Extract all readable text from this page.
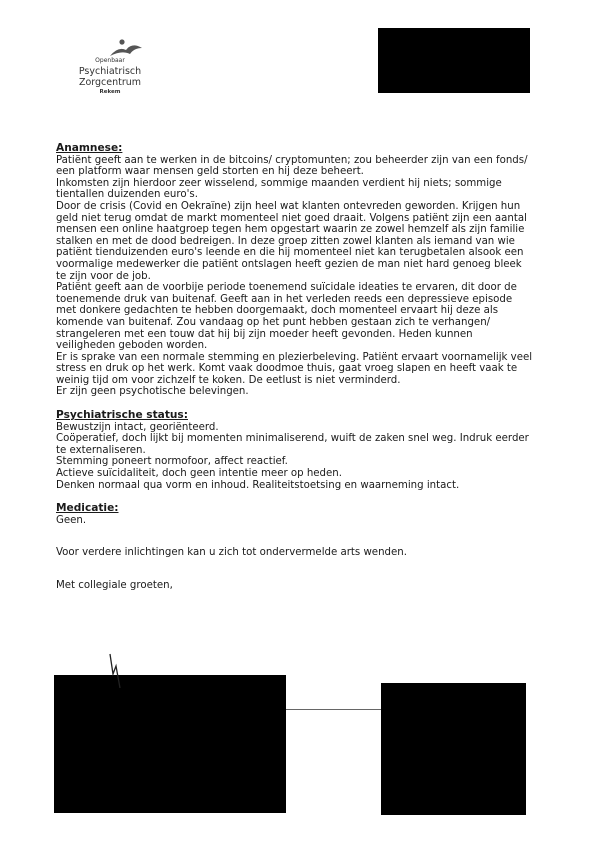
Openbaar
Psychiatrisch
Zorgcentrum
Rekem
Anamnese:

Patiënt geeft aan te werken in de bitcoins/ cryptomunten; zou beheerder zijn van een fonds/ een platform waar mensen geld storten en hij deze beheert.

Inkomsten zijn hierdoor zeer wisselend, sommige maanden verdient hij niets; sommige tientallen duizenden euro's.

Door de crisis (Covid en Oekraïne) zijn heel wat klanten ontevreden geworden. Krijgen hun geld niet terug omdat de markt momenteel niet goed draait. Volgens patiënt zijn een aantal mensen een online haatgroep tegen hem opgestart waarin ze zowel hemzelf als zijn familie stalken en met de dood bedreigen. In deze groep zitten zowel klanten als iemand van wie patiënt tienduizenden euro's leende en die hij momenteel niet kan terugbetalen alsook een voormalige medewerker die patiënt ontslagen heeft gezien de man niet hard genoeg bleek te zijn voor de job.

Patiënt geeft aan de voorbije periode toenemend suïcidale ideaties te ervaren, dit door de toenemende druk van buitenaf. Geeft aan in het verleden reeds een depressieve episode met donkere gedachten te hebben doorgemaakt, doch momenteel ervaart hij deze als komende van buitenaf. Zou vandaag op het punt hebben gestaan zich te verhangen/ strangeleren met een touw dat hij bij zijn moeder heeft gevonden. Heden kunnen veiligheden geboden worden.

Er is sprake van een normale stemming en plezierbeleving. Patiënt ervaart voornamelijk veel stress en druk op het werk. Komt vaak doodmoe thuis, gaat vroeg slapen en heeft vaak te weinig tijd om voor zichzelf te koken. De eetlust is niet verminderd.

Er zijn geen psychotische belevingen.

Psychiatrische status:

Bewustzijn intact, georiënteerd.

Coöperatief, doch lijkt bij momenten minimaliserend, wuift de zaken snel weg. Indruk eerder te externaliseren.

Stemming poneert normofoor, affect reactief.

Actieve suïcidaliteit, doch geen intentie meer op heden.

Denken normaal qua vorm en inhoud. Realiteitstoetsing en waarneming intact.

Medicatie:

Geen.

Voor verdere inlichtingen kan u zich tot ondervermelde arts wenden.

Met collegiale groeten,
